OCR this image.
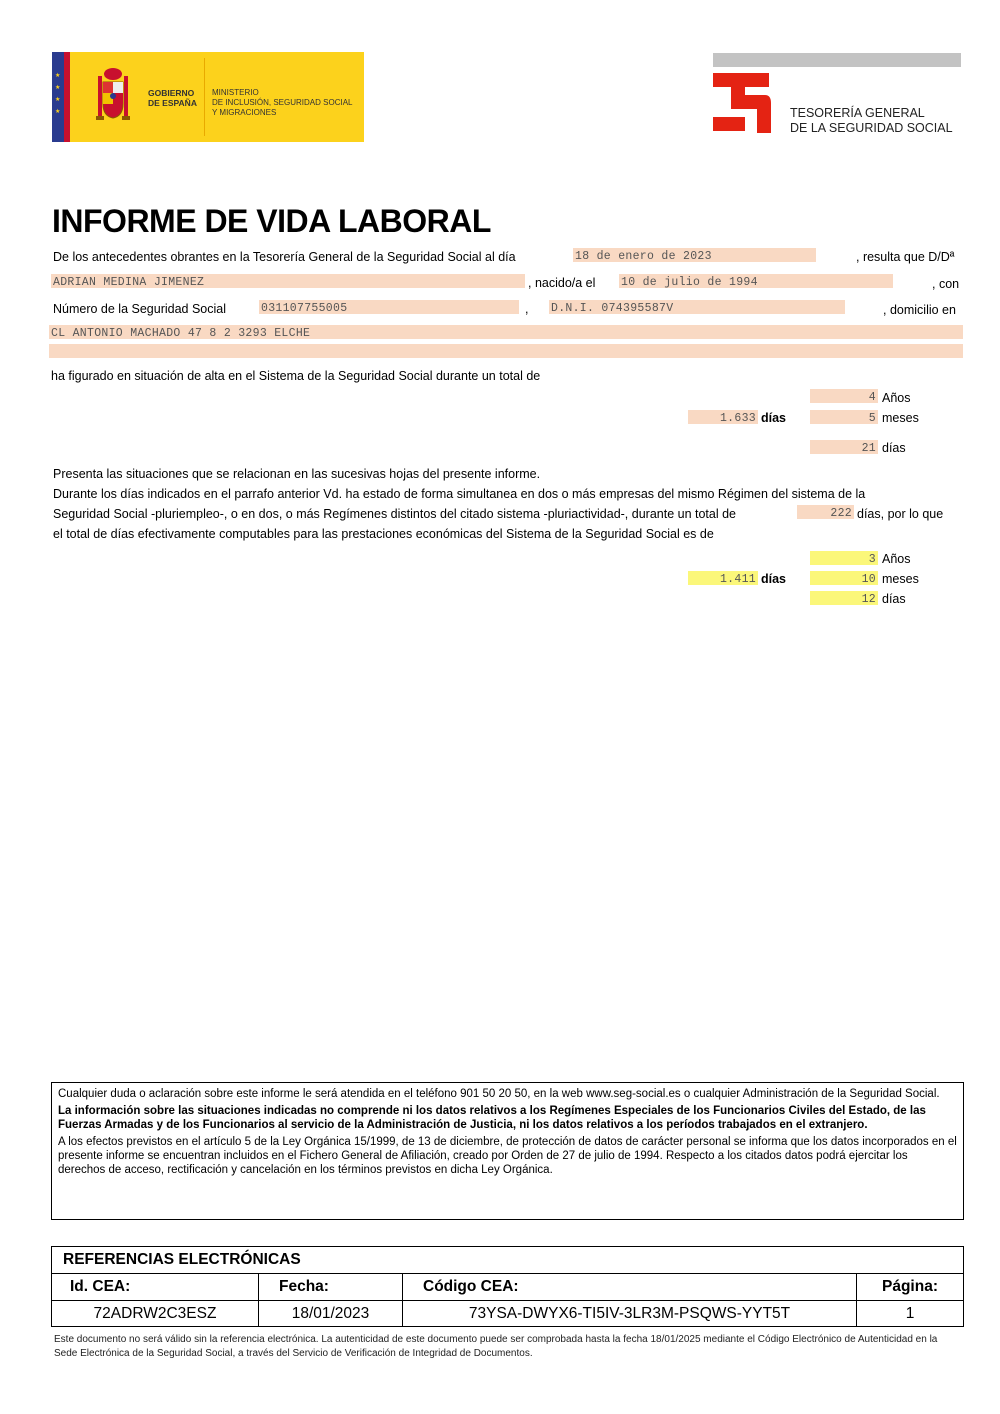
★
★
★
★
GOBIERNO
DE ESPAÑA
MINISTERIO
DE INCLUSIÓN, SEGURIDAD SOCIAL
Y MIGRACIONES	TESORERÍA GENERAL
DE LA SEGURIDAD SOCIAL
INFORME DE VIDA LABORAL
De los antecedentes obrantes en la Tesorería General de la Seguridad Social al día	18 de enero de 2023	, resulta que D/Dª
ADRIAN MEDINA JIMENEZ	, nacido/a el 10 de julio de 1994	, con
Número de la Seguridad Social	031107755005	, D.N.I. 074395587V	, domicilio en
CL ANTONIO MACHADO 47 8 2 3293 ELCHE
ha figurado en situación de alta en el Sistema de la Seguridad Social durante un total de
4 Años
1.633 días	5 meses
21 días
Presenta las situaciones que se relacionan en las sucesivas hojas del presente informe.
Durante los días indicados en el parrafo anterior Vd. ha estado de forma simultanea en dos o más empresas del mismo Régimen del sistema de la
Seguridad Social -pluriempleo-, o en dos, o más Regímenes distintos del citado sistema -pluriactividad-, durante un total de	222 días, por lo que
el total de días efectivamente computables para las prestaciones económicas del Sistema de la Seguridad Social es de
3 Años
1.411 días	10 meses
12 días

Cualquier duda o aclaración sobre este informe le será atendida en el teléfono 901 50 20 50, en la web www.seg-social.es o cualquier Administración de la Seguridad Social.

La información sobre las situaciones indicadas no comprende ni los datos relativos a los Regímenes Especiales de los Funcionarios Civiles del Estado, de las Fuerzas Armadas y de los Funcionarios al servicio de la Administración de Justicia, ni los datos relativos a los períodos trabajados en el extranjero.

A los efectos previstos en el artículo 5 de la Ley Orgánica 15/1999, de 13 de diciembre, de protección de datos de carácter personal se informa que los datos incorporados en el presente informe se encuentran incluidos en el Fichero General de Afiliación, creado por Orden de 27 de julio de 1994. Respecto a los citados datos podrá ejercitar los derechos de acceso, rectificación y cancelación en los términos previstos en dicha Ley Orgánica.

REFERENCIAS ELECTRÓNICAS			
Id. CEA:	Fecha:	Código CEA:	Página:
72ADRW2C3ESZ	18/01/2023	73YSA-DWYX6-TI5IV-3LR3M-PSQWS-YYT5T	1
Este documento no será válido sin la referencia electrónica. La autenticidad de este documento puede ser comprobada hasta la fecha 18/01/2025 mediante el Código Electrónico de Autenticidad en la Sede Electrónica de la Seguridad Social, a través del Servicio de Verificación de Integridad de Documentos.
